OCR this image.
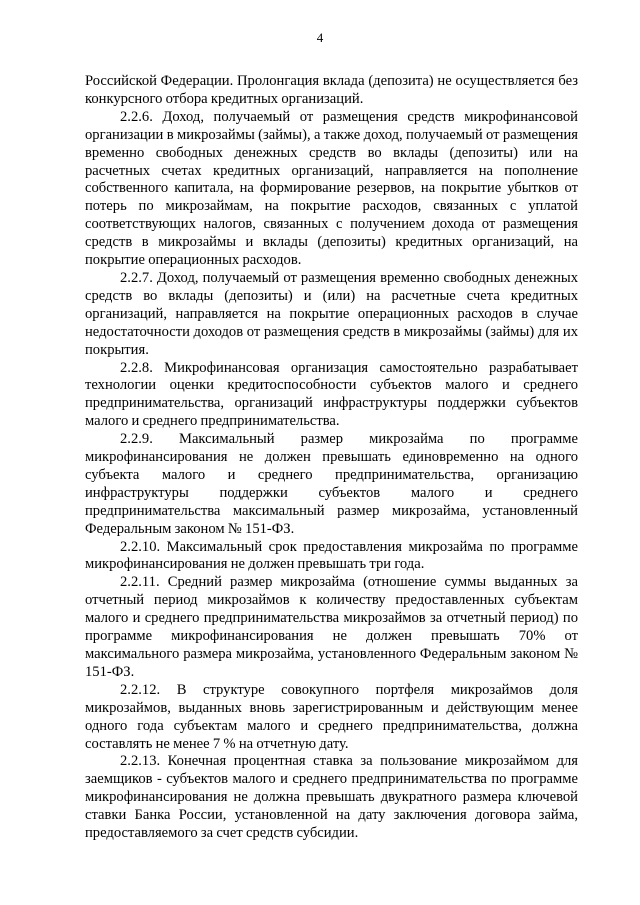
4

Российской Федерации. Пролонгация вклада (депозита) не осуществляется без конкурсного отбора кредитных организаций.

2.2.6. Доход, получаемый от размещения средств микрофинансовой организации в микрозаймы (займы), а также доход, получаемый от размещения временно свободных денежных средств во вклады (депозиты) или на расчетных счетах кредитных организаций, направляется на пополнение собственного капитала, на формирование резервов, на покрытие убытков от потерь по микрозаймам, на покрытие расходов, связанных с уплатой соответствующих налогов, связанных с получением дохода от размещения средств в микрозаймы и вклады (депозиты) кредитных организаций, на покрытие операционных расходов.

2.2.7. Доход, получаемый от размещения временно свободных денежных средств во вклады (депозиты) и (или) на расчетные счета кредитных организаций, направляется на покрытие операционных расходов в случае недостаточности доходов от размещения средств в микрозаймы (займы) для их покрытия.

2.2.8. Микрофинансовая организация самостоятельно разрабатывает технологии оценки кредитоспособности субъектов малого и среднего предпринимательства, организаций инфраструктуры поддержки субъектов малого и среднего предпринимательства.

2.2.9. Максимальный размер микрозайма по программе микрофинансирования не должен превышать единовременно на одного субъекта малого и среднего предпринимательства, организацию инфраструктуры поддержки субъектов малого и среднего предпринимательства максимальный размер микрозайма, установленный Федеральным законом № 151-ФЗ.

2.2.10. Максимальный срок предоставления микрозайма по программе микрофинансирования не должен превышать три года.

2.2.11. Средний размер микрозайма (отношение суммы выданных за отчетный период микрозаймов к количеству предоставленных субъектам малого и среднего предпринимательства микрозаймов за отчетный период) по программе микрофинансирования не должен превышать 70% от максимального размера микрозайма, установленного Федеральным законом № 151-ФЗ.

2.2.12. В структуре совокупного портфеля микрозаймов доля микрозаймов, выданных вновь зарегистрированным и действующим менее одного года субъектам малого и среднего предпринимательства, должна составлять не менее 7 % на отчетную дату.

2.2.13. Конечная процентная ставка за пользование микрозаймом для заемщиков - субъектов малого и среднего предпринимательства по программе микрофинансирования не должна превышать двукратного размера ключевой ставки Банка России, установленной на дату заключения договора займа, предоставляемого за счет средств субсидии.
